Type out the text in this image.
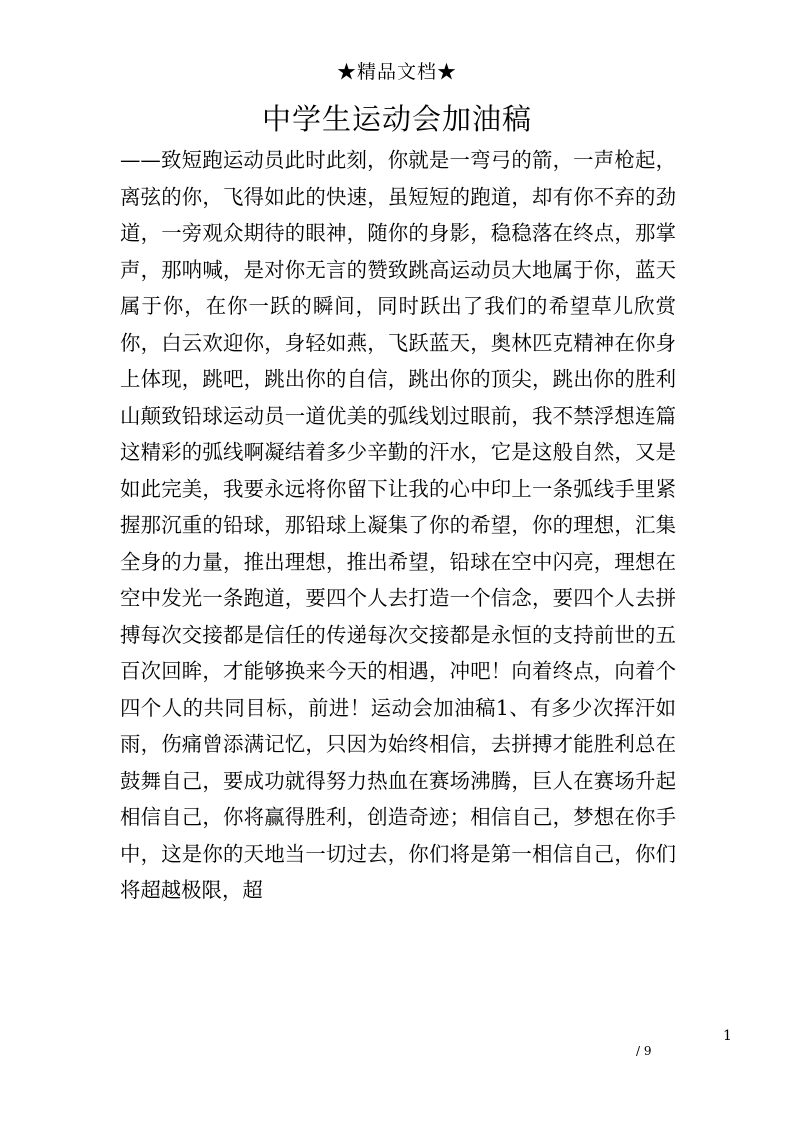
★精品文档★
中学生运动会加油稿

——致短跑运动员此时此刻，你就是一弯弓的箭，一声枪起，离弦的你，飞得如此的快速，虽短短的跑道，却有你不弃的劲道，一旁观众期待的眼神，随你的身影，稳稳落在终点，那掌声，那呐喊，是对你无言的赞致跳高运动员大地属于你，蓝天属于你，在你一跃的瞬间，同时跃出了我们的希望草儿欣赏你，白云欢迎你，身轻如燕，飞跃蓝天，奥林匹克精神在你身上体现，跳吧，跳出你的自信，跳出你的顶尖，跳出你的胜利山颠致铅球运动员一道优美的弧线划过眼前，我不禁浮想连篇这精彩的弧线啊凝结着多少辛勤的汗水，它是这般自然，又是如此完美，我要永远将你留下让我的心中印上一条弧线手里紧握那沉重的铅球，那铅球上凝集了你的希望，你的理想，汇集全身的力量，推出理想，推出希望，铅球在空中闪亮，理想在空中发光一条跑道，要四个人去打造一个信念，要四个人去拼搏每次交接都是信任的传递每次交接都是永恒的支持前世的五百次回眸，才能够换来今天的相遇，冲吧！向着终点，向着个四个人的共同目标，前进！运动会加油稿1、有多少次挥汗如雨，伤痛曾添满记忆，只因为始终相信，去拼搏才能胜利总在鼓舞自己，要成功就得努力热血在赛场沸腾，巨人在赛场升起相信自己，你将赢得胜利，创造奇迹；相信自己，梦想在你手中，这是你的天地当一切过去，你们将是第一相信自己，你们将超越极限，超

1
/ 9
